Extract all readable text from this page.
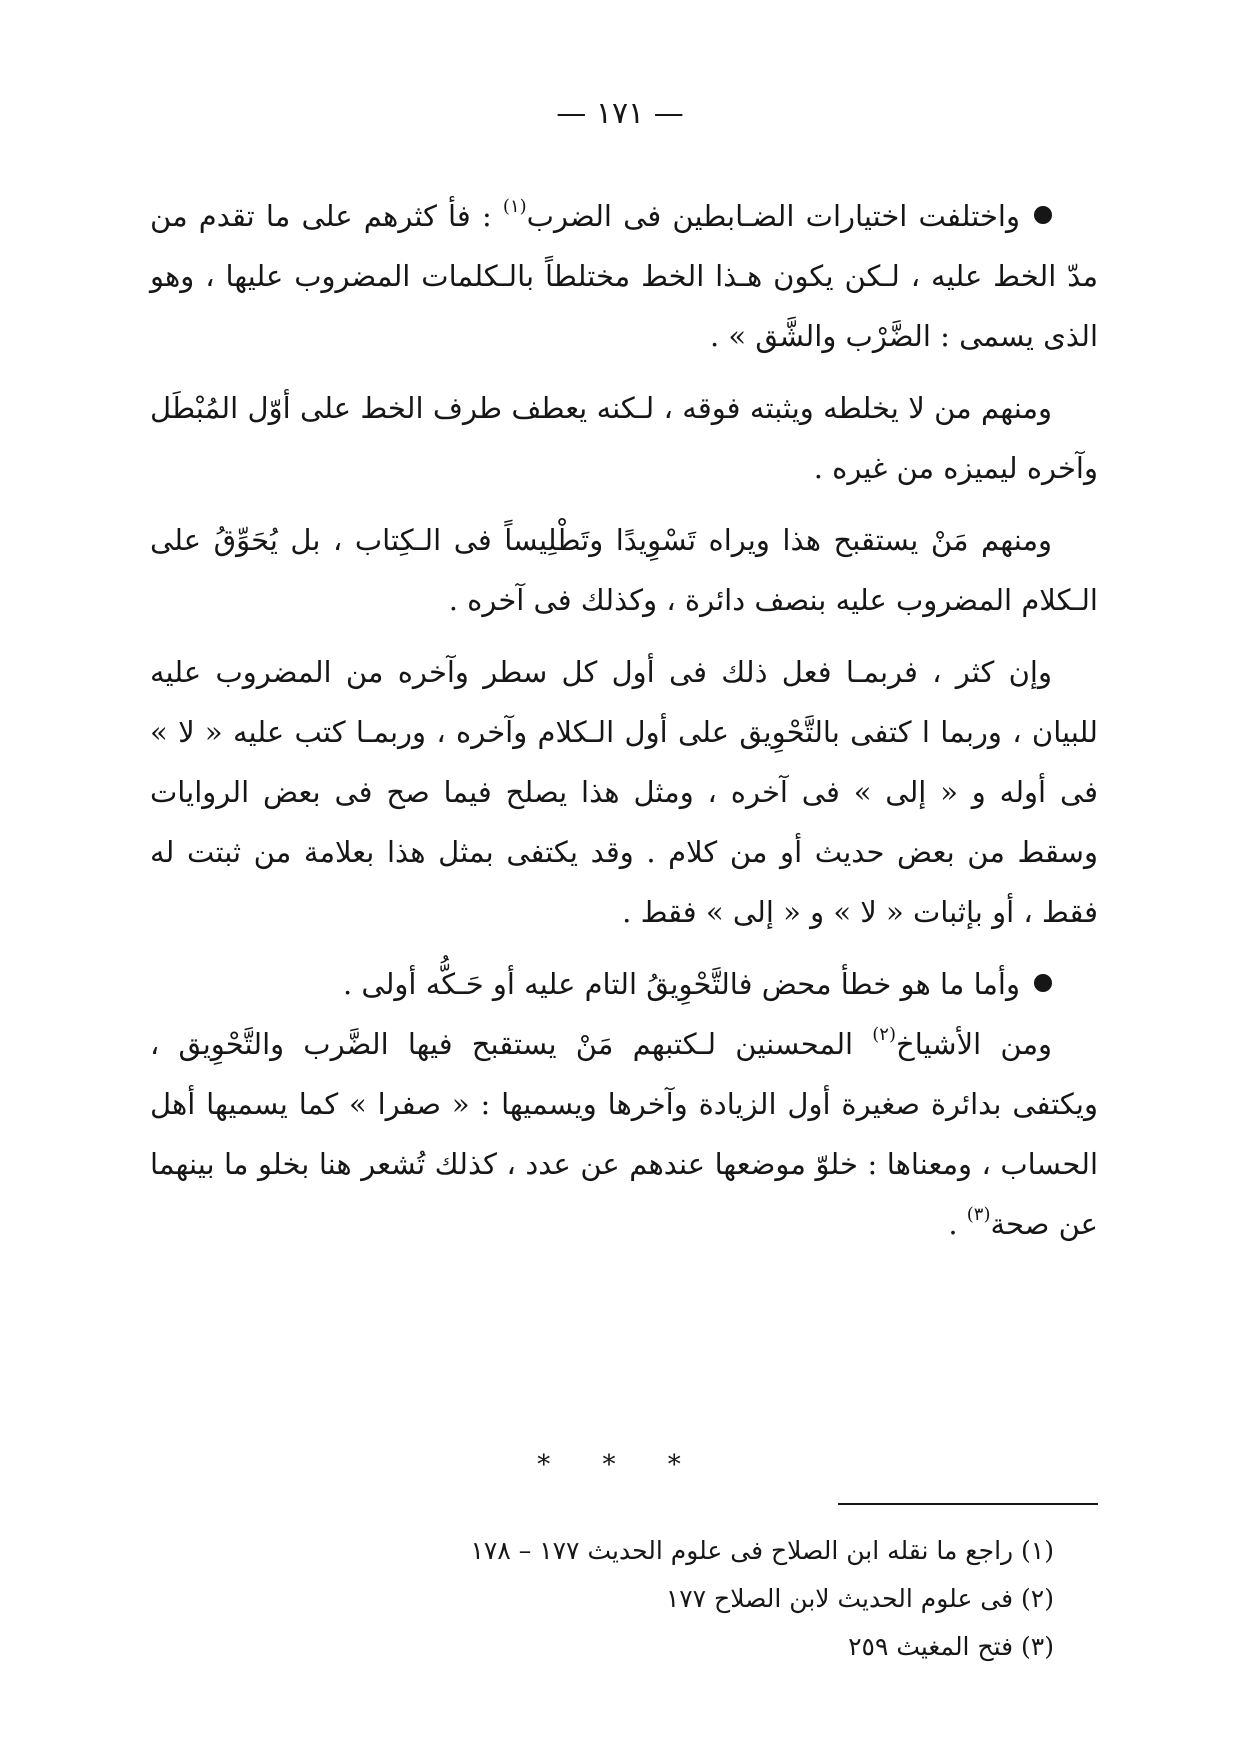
— ١٧١ —

واختلفت اختيارات الضـابطين فى الضرب$^{(١)}$ : فأ كثرهم على ما تقدم من مدّ الخط عليه ، لـكن يكون هـذا الخط مختلطاً بالـكلمات المضروب عليها ، وهو الذى يسمى : الضَّرْب والشَّق » .

ومنهم من لا يخلطه ويثبته فوقه ، لـكنه يعطف طرف الخط على أوّل المُبْطَل وآخره ليميزه من غيره .

ومنهم مَنْ يستقبح هذا ويراه تَسْوِيدًا وتَطْلِيساً فى الـكِتاب ، بل يُحَوِّقُ على الـكلام المضروب عليه بنصف دائرة ، وكذلك فى آخره .

وإن كثر ، فربمـا فعل ذلك فى أول كل سطر وآخره من المضروب عليه للبيان ، وربما ا كتفى بالتَّحْوِيق على أول الـكلام وآخره ، وربمـا كتب عليه « لا » فى أوله و « إلى » فى آخره ، ومثل هذا يصلح فيما صح فى بعض الروايات وسقط من بعض حديث أو من كلام . وقد يكتفى بمثل هذا بعلامة من ثبتت له فقط ، أو بإثبات « لا » و « إلى » فقط .

وأما ما هو خطأ محض فالتَّحْوِيقُ التام عليه أو حَـكُّه أولى .

ومن الأشياخ$^{(٢)}$ المحسنين لـكتبهم مَنْ يستقبح فيها الضَّرب والتَّحْوِيق ، ويكتفى بدائرة صغيرة أول الزيادة وآخرها ويسميها : « صفرا » كما يسميها أهل الحساب ، ومعناها : خلوّ موضعها عندهم عن عدد ، كذلك تُشعر هنا بخلو ما بينهما عن صحة$^{(٣)}$ .

* * *
(١) راجع ما نقله ابن الصلاح فى علوم الحديث ١٧٧ – ١٧٨
(٢) فى علوم الحديث لابن الصلاح ١٧٧
(٣) فتح المغيث ٢٥٩
